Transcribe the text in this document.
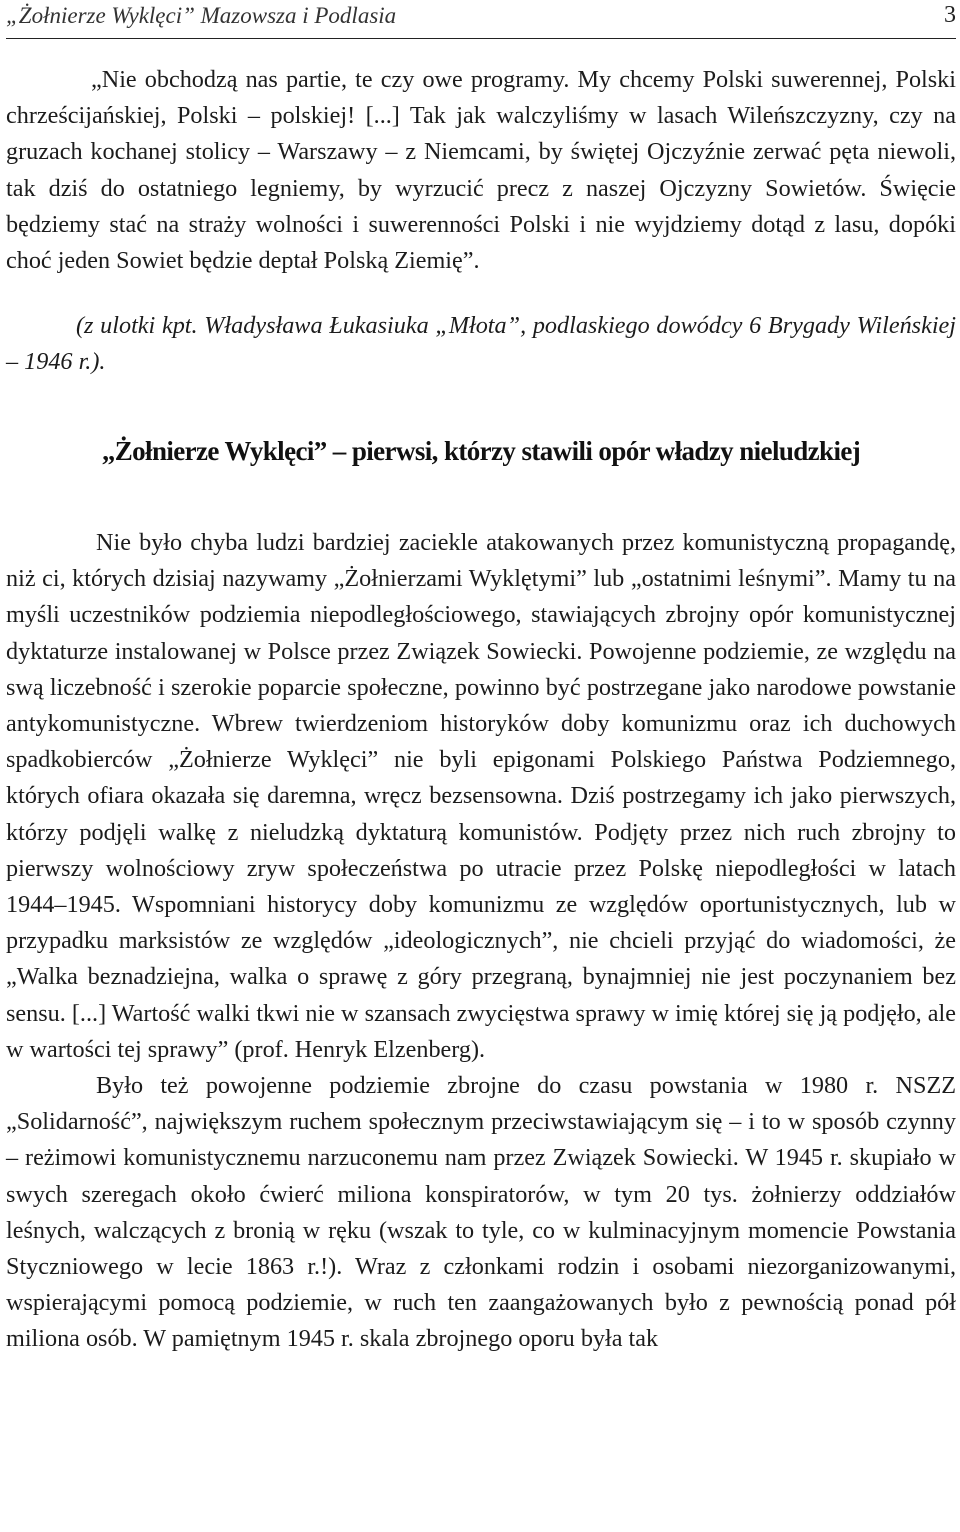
„Żołnierze Wyklęci” Mazowsza i Podlasia	3

„Nie obchodzą nas partie, te czy owe programy. My chcemy Polski suwerennej, Polski chrześcijańskiej, Polski – polskiej! [...] Tak jak walczyliśmy w lasach Wileńszczyzny, czy na gruzach kochanej stolicy – Warszawy – z Niemcami, by świętej Ojczyźnie zerwać pęta niewoli, tak dziś do ostatniego legniemy, by wyrzucić precz z naszej Ojczyzny Sowietów. Święcie będziemy stać na straży wolności i suwerenności Polski i nie wyjdziemy dotąd z lasu, dopóki choć jeden Sowiet będzie deptał Polską Ziemię”.

(z ulotki kpt. Władysława Łukasiuka „Młota”, podlaskiego dowódcy 6 Brygady Wileńskiej – 1946 r.).

„Żołnierze Wyklęci” – pierwsi, którzy stawili opór władzy nieludzkiej

Nie było chyba ludzi bardziej zaciekle atakowanych przez komunistyczną propagandę, niż ci, których dzisiaj nazywamy „Żołnierzami Wyklętymi” lub „ostatnimi leśnymi”. Mamy tu na myśli uczestników podziemia niepodległościowego, stawiających zbrojny opór komunistycznej dyktaturze instalowanej w Polsce przez Związek Sowiecki. Powojenne podziemie, ze względu na swą liczebność i szerokie poparcie społeczne, powinno być postrzegane jako narodowe powstanie antykomunistyczne. Wbrew twierdzeniom historyków doby komunizmu oraz ich duchowych spadkobierców „Żołnierze Wyklęci” nie byli epigonami Polskiego Państwa Podziemnego, których ofiara okazała się daremna, wręcz bezsensowna. Dziś postrzegamy ich jako pierwszych, którzy podjęli walkę z nieludzką dyktaturą komunistów. Podjęty przez nich ruch zbrojny to pierwszy wolnościowy zryw społeczeństwa po utracie przez Polskę niepodległości w latach 1944–1945. Wspomniani historycy doby komunizmu ze względów oportunistycznych, lub w przypadku marksistów ze względów „ideologicznych”, nie chcieli przyjąć do wiadomości, że „Walka beznadziejna, walka o sprawę z góry przegraną, bynajmniej nie jest poczynaniem bez sensu. [...] Wartość walki tkwi nie w szansach zwycięstwa sprawy w imię której się ją podjęło, ale w wartości tej sprawy” (prof. Henryk Elzenberg).

Było też powojenne podziemie zbrojne do czasu powstania w 1980 r. NSZZ „Solidarność”, największym ruchem społecznym przeciwstawiającym się – i to w sposób czynny – reżimowi komunistycznemu narzuconemu nam przez Związek Sowiecki. W 1945 r. skupiało w swych szeregach około ćwierć miliona konspiratorów, w tym 20 tys. żołnierzy oddziałów leśnych, walczących z bronią w ręku (wszak to tyle, co w kulminacyjnym momencie Powstania Styczniowego w lecie 1863 r.!). Wraz z członkami rodzin i osobami niezorganizowanymi, wspierającymi pomocą podziemie, w ruch ten zaangażowanych było z pewnością ponad pół miliona osób. W pamiętnym 1945 r. skala zbrojnego oporu była tak
